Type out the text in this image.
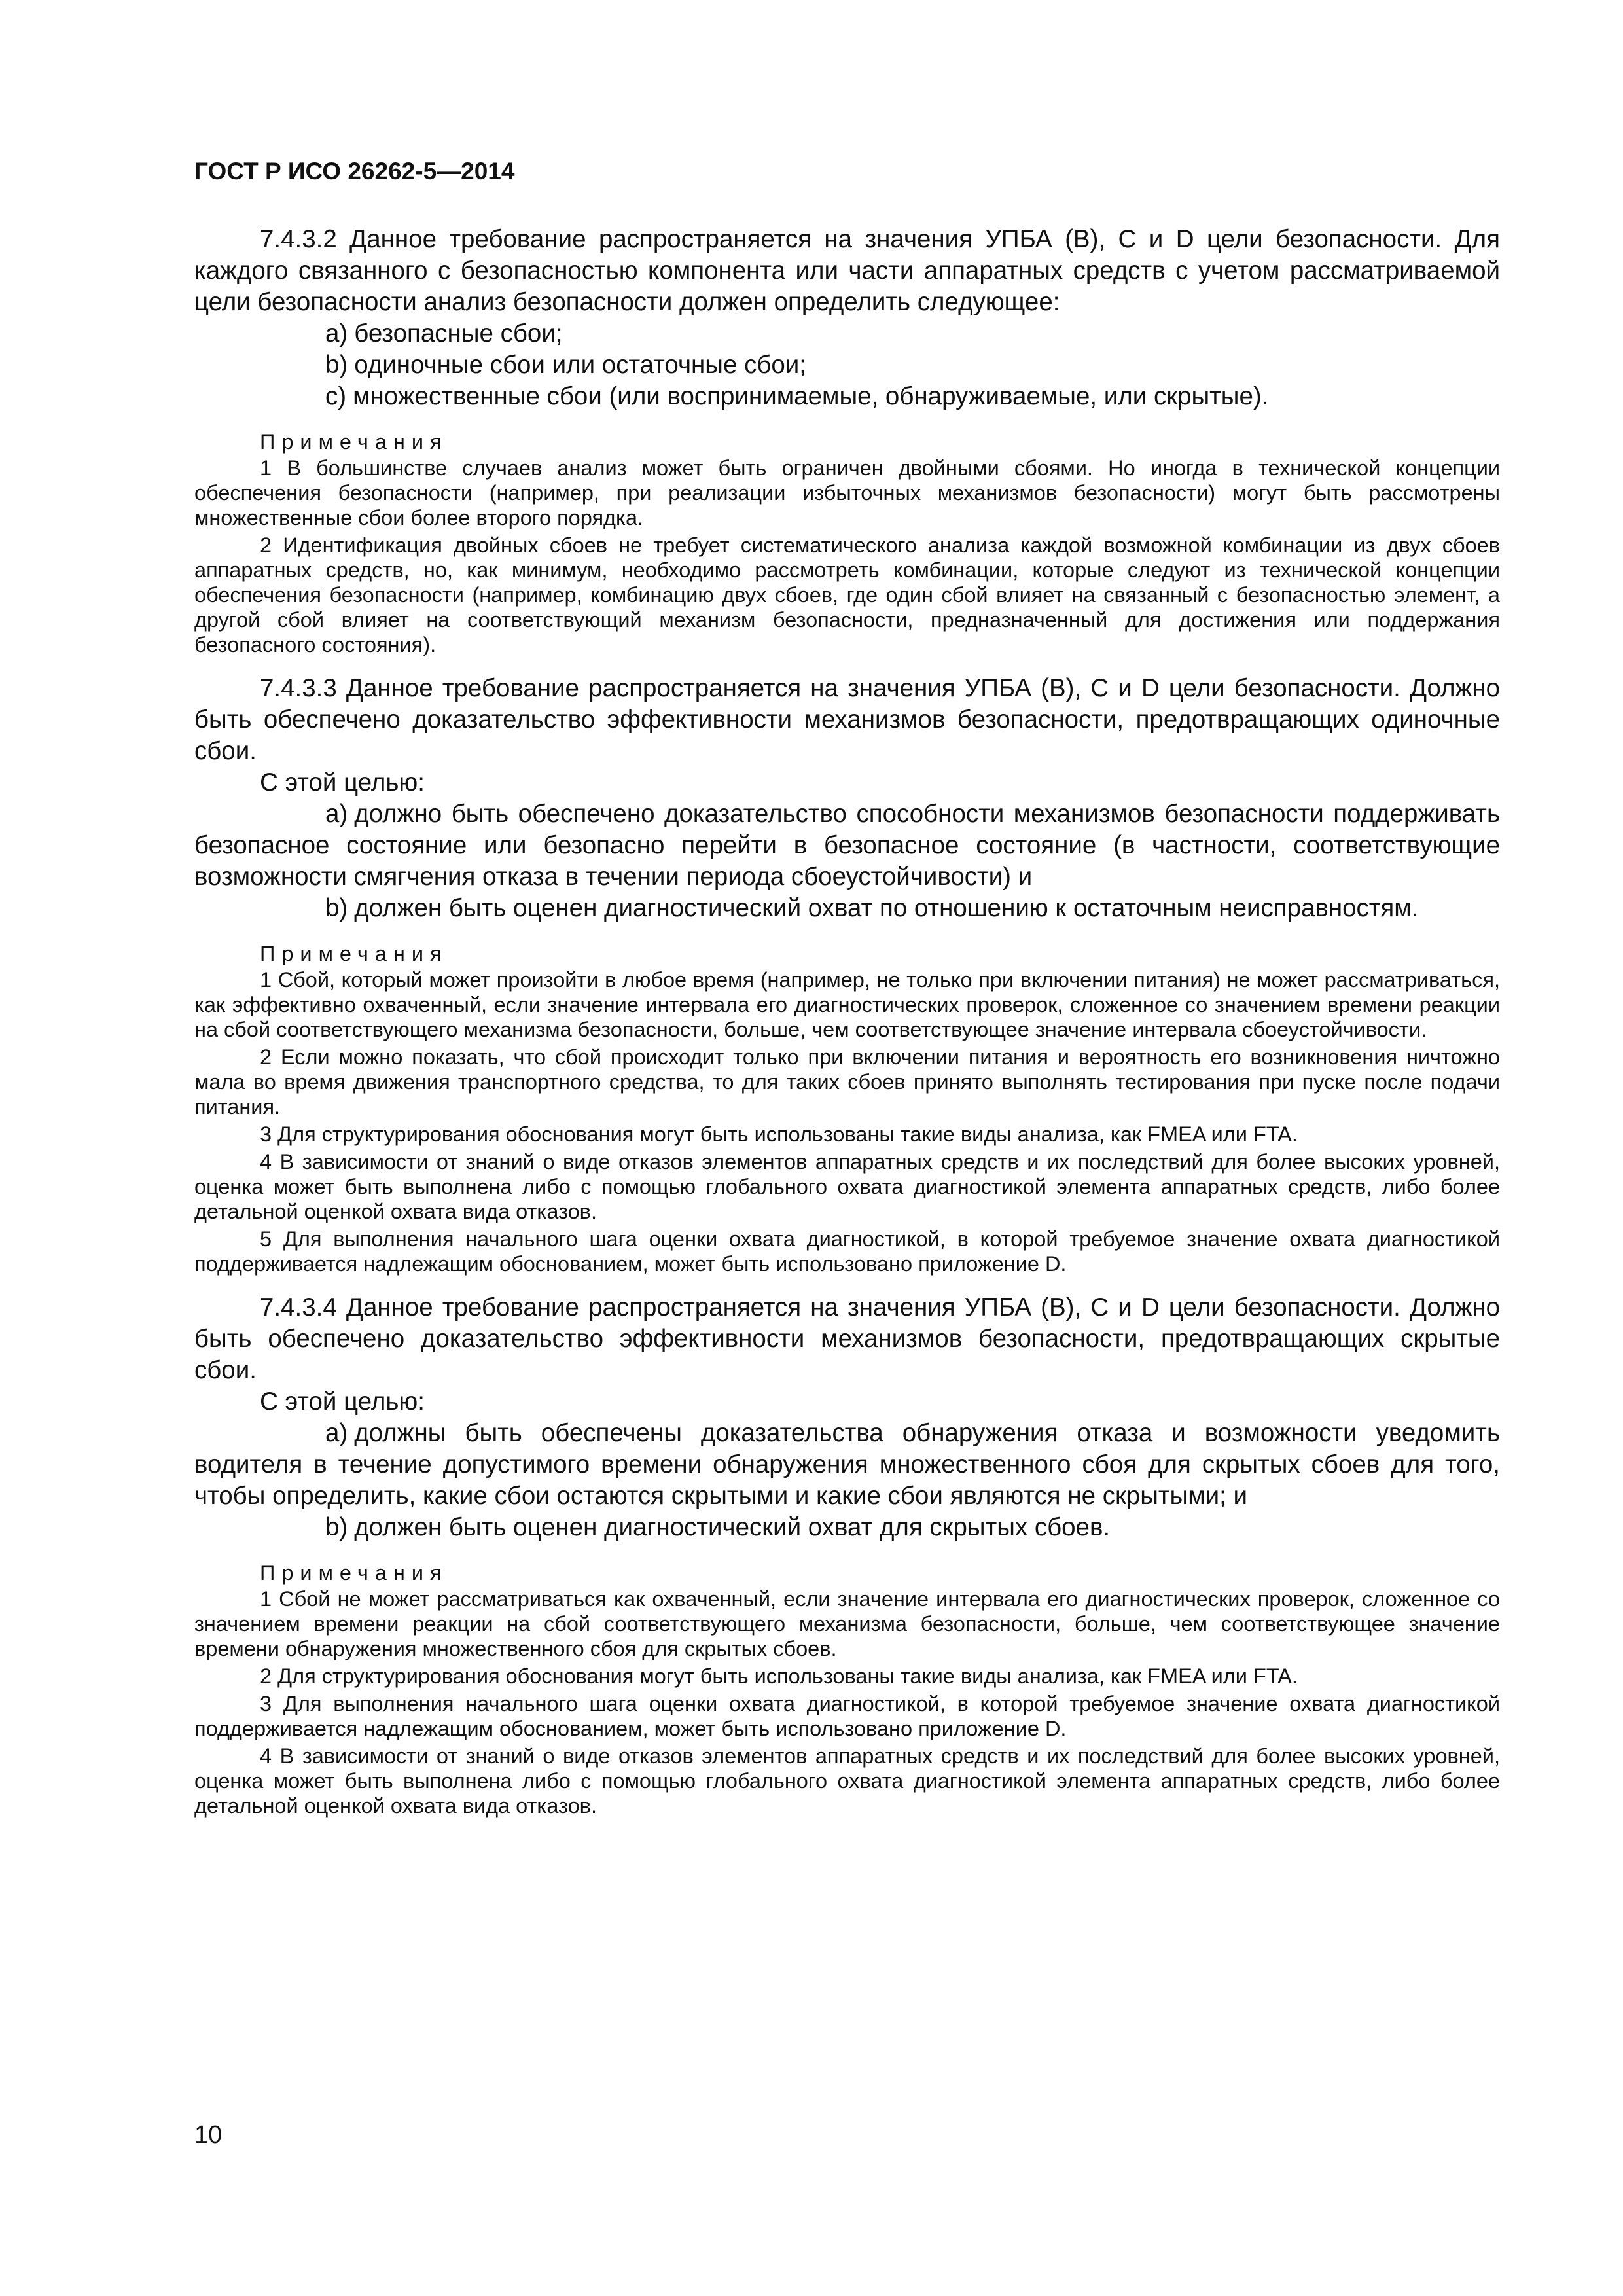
ГОСТ Р ИСО 26262-5—2014

7.4.3.2 Данное требование распространяется на значения УПБА (B), C и D цели безопасности. Для каждого связанного с безопасностью компонента или части аппаратных средств с учетом рассматриваемой цели безопасности анализ безопасности должен определить следующее:

a) безопасные сбои;

b) одиночные сбои или остаточные сбои;

c) множественные сбои (или воспринимаемые, обнаруживаемые, или скрытые).

Примечания

1 В большинстве случаев анализ может быть ограничен двойными сбоями. Но иногда в технической концепции обеспечения безопасности (например, при реализации избыточных механизмов безопасности) могут быть рассмотрены множественные сбои более второго порядка.

2 Идентификация двойных сбоев не требует систематического анализа каждой возможной комбинации из двух сбоев аппаратных средств, но, как минимум, необходимо рассмотреть комбинации, которые следуют из технической концепции обеспечения безопасности (например, комбинацию двух сбоев, где один сбой влияет на связанный с безопасностью элемент, а другой сбой влияет на соответствующий механизм безопасности, предназначенный для достижения или поддержания безопасного состояния).

7.4.3.3 Данное требование распространяется на значения УПБА (B), C и D цели безопасности. Должно быть обеспечено доказательство эффективности механизмов безопасности, предотвращающих одиночные сбои.

С этой целью:

a) должно быть обеспечено доказательство способности механизмов безопасности поддерживать безопасное состояние или безопасно перейти в безопасное состояние (в частности, соответствующие возможности смягчения отказа в течении периода сбоеустойчивости) и

b) должен быть оценен диагностический охват по отношению к остаточным неисправностям.

Примечания

1 Сбой, который может произойти в любое время (например, не только при включении питания) не может рассматриваться, как эффективно охваченный, если значение интервала его диагностических проверок, сложенное со значением времени реакции на сбой соответствующего механизма безопасности, больше, чем соответствующее значение интервала сбоеустойчивости.

2 Если можно показать, что сбой происходит только при включении питания и вероятность его возникновения ничтожно мала во время движения транспортного средства, то для таких сбоев принято выполнять тестирования при пуске после подачи питания.

3 Для структурирования обоснования могут быть использованы такие виды анализа, как FMEA или FTA.

4 В зависимости от знаний о виде отказов элементов аппаратных средств и их последствий для более высоких уровней, оценка может быть выполнена либо с помощью глобального охвата диагностикой элемента аппаратных средств, либо более детальной оценкой охвата вида отказов.

5 Для выполнения начального шага оценки охвата диагностикой, в которой требуемое значение охвата диагностикой поддерживается надлежащим обоснованием, может быть использовано приложение D.

7.4.3.4 Данное требование распространяется на значения УПБА (B), C и D цели безопасности. Должно быть обеспечено доказательство эффективности механизмов безопасности, предотвращающих скрытые сбои.

С этой целью:

a) должны быть обеспечены доказательства обнаружения отказа и возможности уведомить водителя в течение допустимого времени обнаружения множественного сбоя для скрытых сбоев для того, чтобы определить, какие сбои остаются скрытыми и какие сбои являются не скрытыми; и

b) должен быть оценен диагностический охват для скрытых сбоев.

Примечания

1 Сбой не может рассматриваться как охваченный, если значение интервала его диагностических проверок, сложенное со значением времени реакции на сбой соответствующего механизма безопасности, больше, чем соответствующее значение времени обнаружения множественного сбоя для скрытых сбоев.

2 Для структурирования обоснования могут быть использованы такие виды анализа, как FMEA или FTA.

3 Для выполнения начального шага оценки охвата диагностикой, в которой требуемое значение охвата диагностикой поддерживается надлежащим обоснованием, может быть использовано приложение D.

4 В зависимости от знаний о виде отказов элементов аппаратных средств и их последствий для более высоких уровней, оценка может быть выполнена либо с помощью глобального охвата диагностикой элемента аппаратных средств, либо более детальной оценкой охвата вида отказов.

10
